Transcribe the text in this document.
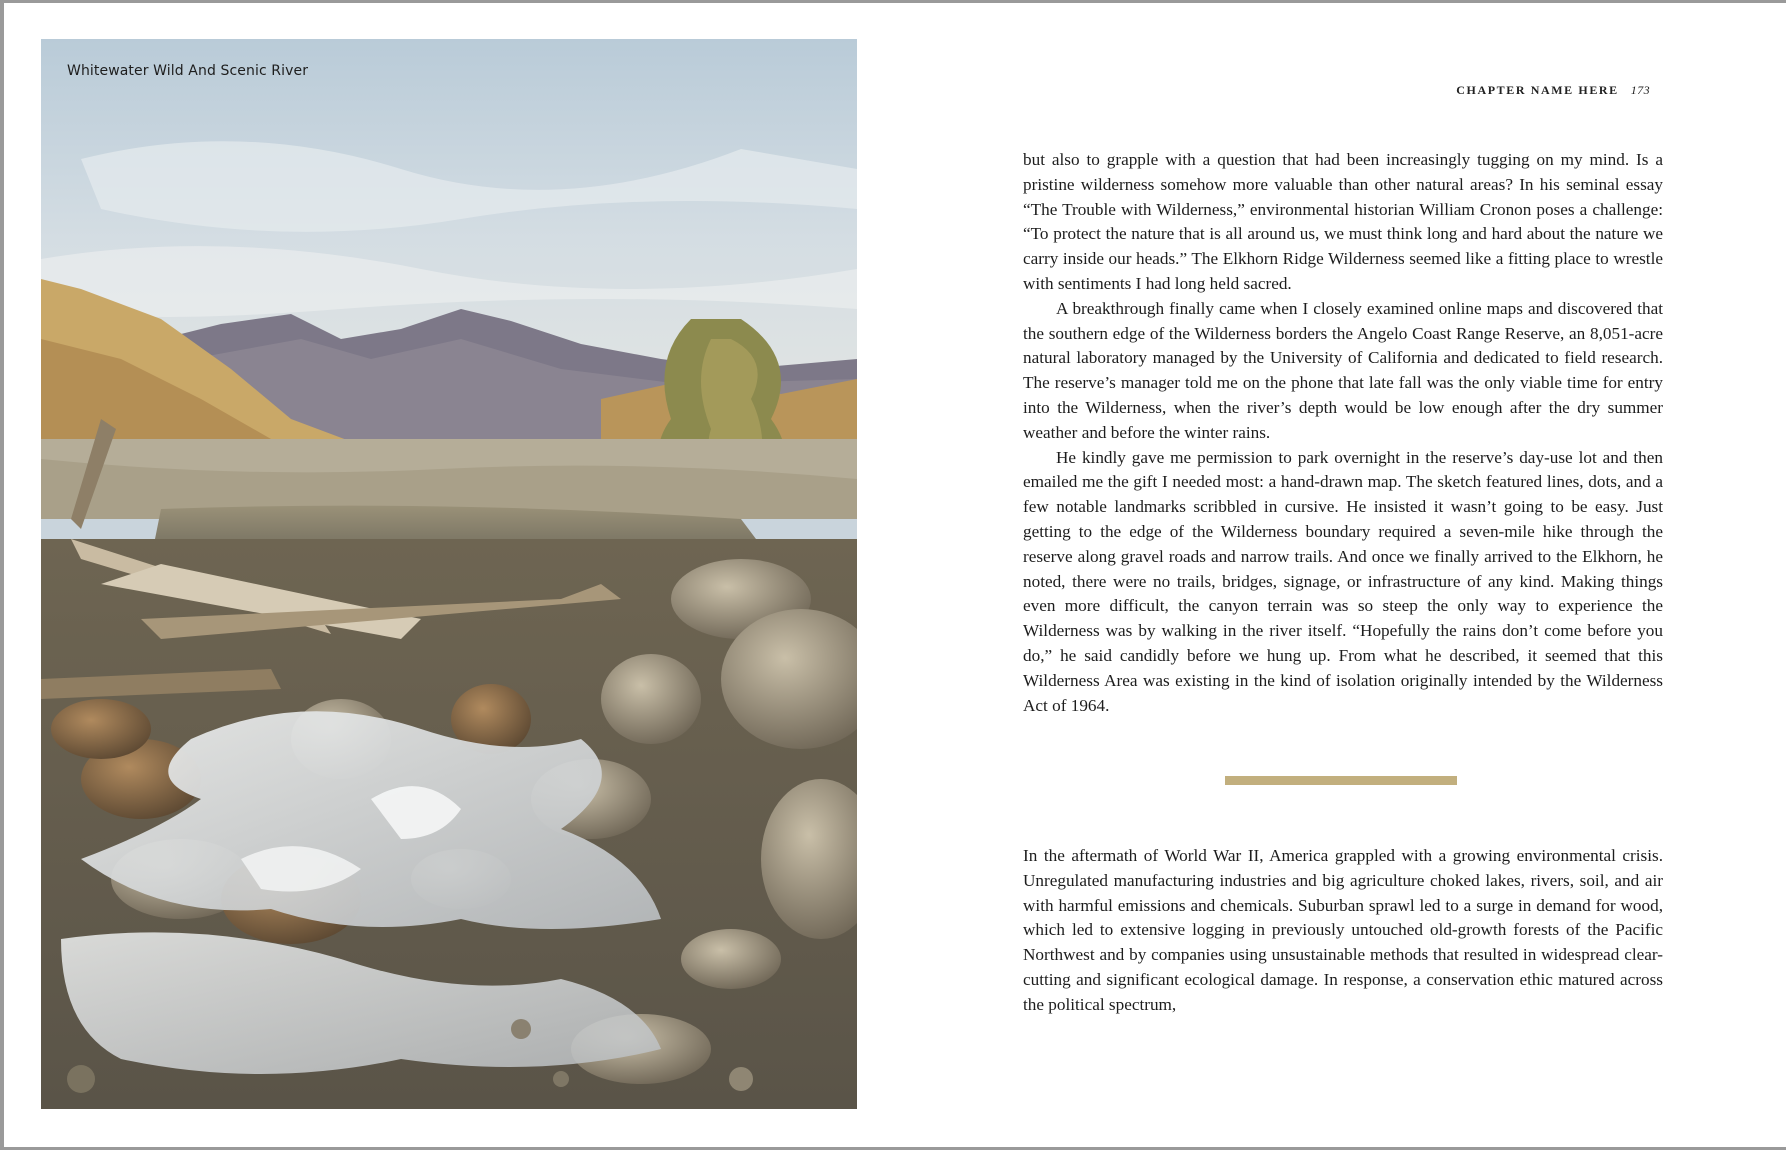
Whitewater Wild And Scenic River
CHAPTER NAME HERE 173

but also to grapple with a question that had been increasingly tugging on my mind. Is a pristine wilderness somehow more valuable than other natural areas? In his seminal essay “The Trouble with Wilderness,” environmental historian William Cronon poses a challenge: “To protect the nature that is all around us, we must think long and hard about the nature we carry inside our heads.” The Elkhorn Ridge Wilderness seemed like a fitting place to wrestle with sentiments I had long held sacred.

A breakthrough finally came when I closely examined online maps and discovered that the southern edge of the Wilderness borders the Angelo Coast Range Reserve, an 8,051-acre natural laboratory managed by the University of California and dedicated to field research. The reserve’s manager told me on the phone that late fall was the only viable time for entry into the Wilderness, when the river’s depth would be low enough after the dry summer weather and before the winter rains.

He kindly gave me permission to park overnight in the reserve’s day-use lot and then emailed me the gift I needed most: a hand-drawn map. The sketch featured lines, dots, and a few notable landmarks scribbled in cursive. He insisted it wasn’t going to be easy. Just getting to the edge of the Wilderness boundary required a seven-mile hike through the reserve along gravel roads and narrow trails. And once we finally arrived to the Elkhorn, he noted, there were no trails, bridges, signage, or infrastructure of any kind. Making things even more difficult, the canyon terrain was so steep the only way to experience the Wilderness was by walking in the river itself. “Hopefully the rains don’t come before you do,” he said candidly before we hung up. From what he described, it seemed that this Wilderness Area was existing in the kind of isolation originally intended by the Wilderness Act of 1964.

In the aftermath of World War II, America grappled with a growing environmental crisis. Unregulated manufacturing industries and big agriculture choked lakes, rivers, soil, and air with harmful emissions and chemicals. Suburban sprawl led to a surge in demand for wood, which led to extensive logging in previously untouched old-growth forests of the Pacific Northwest and by companies using unsustainable methods that resulted in widespread clear-cutting and significant ecological damage. In response, a conservation ethic matured across the political spectrum,
